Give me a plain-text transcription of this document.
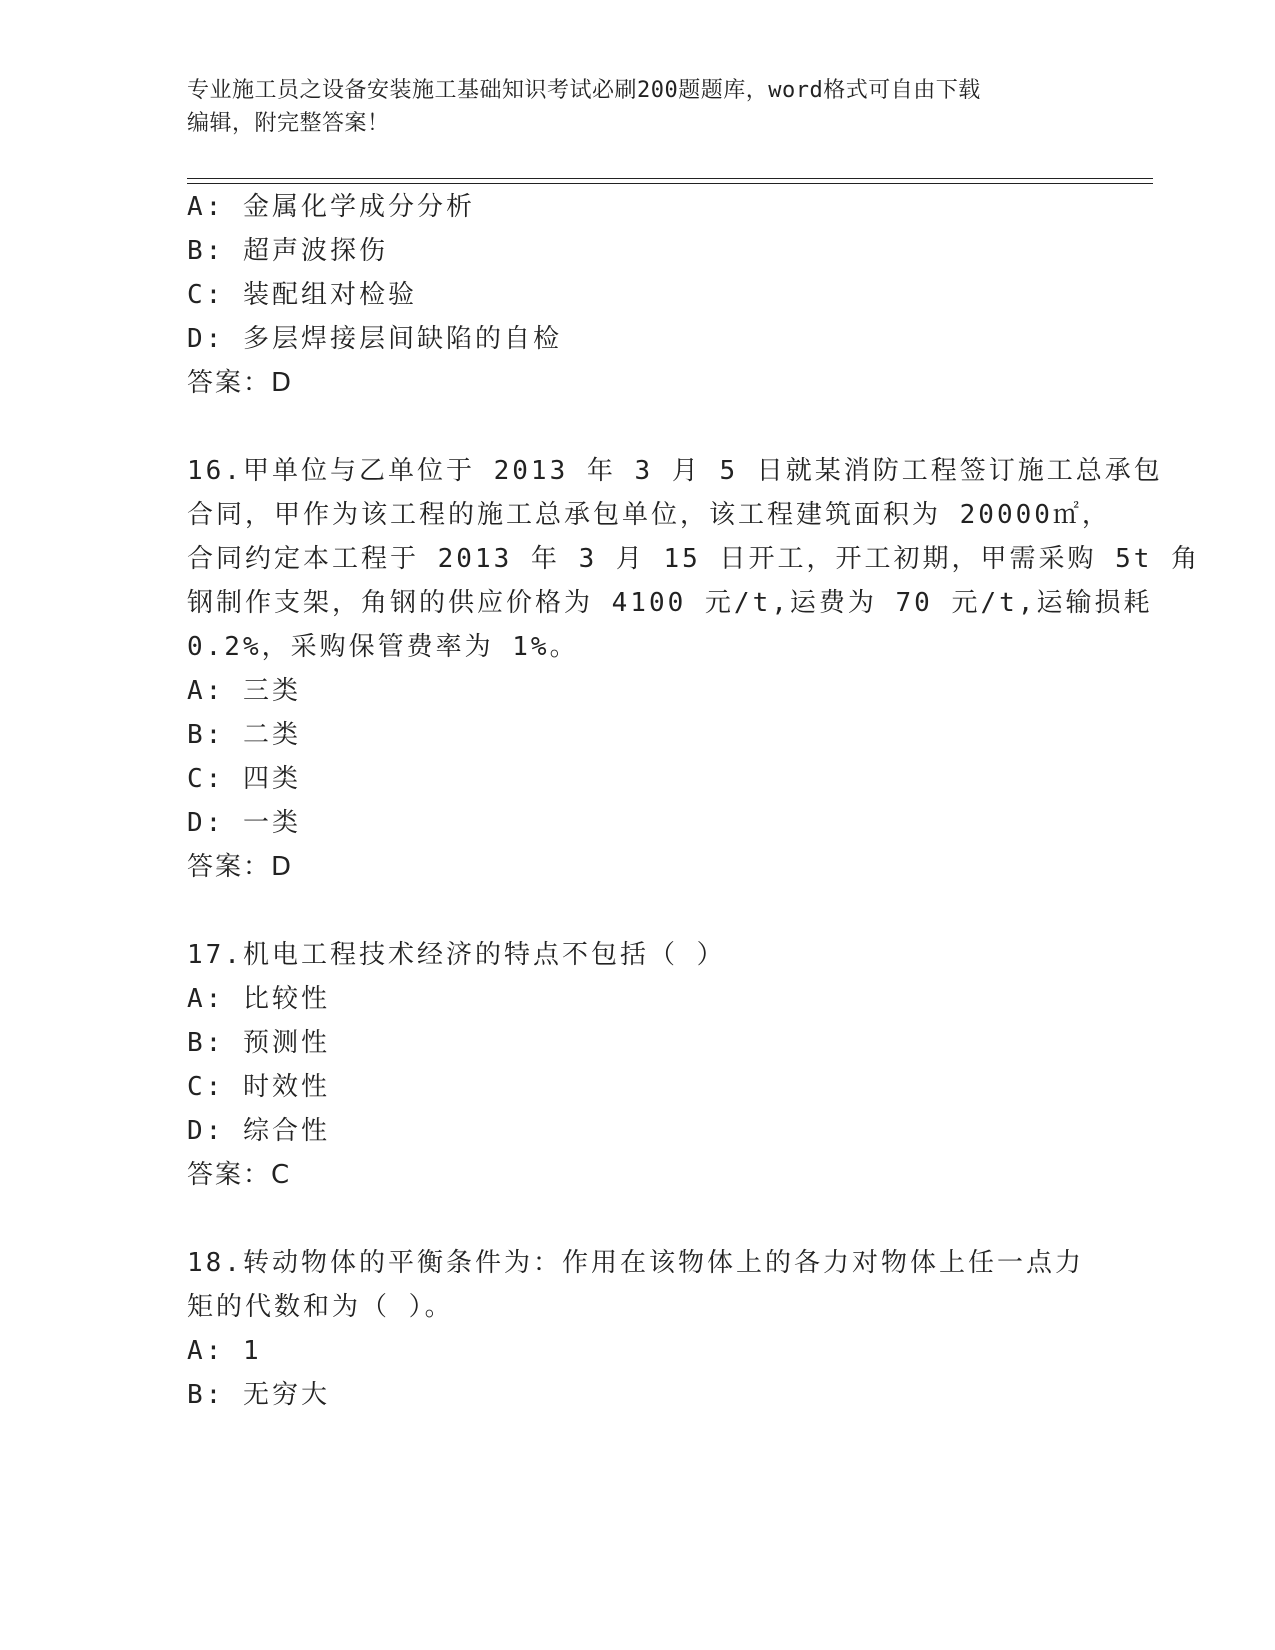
专业施工员之设备安装施工基础知识考试必刷200题题库，word格式可自由下载
编辑，附完整答案！
A: 金属化学成分分析
B: 超声波探伤
C: 装配组对检验
D: 多层焊接层间缺陷的自检
答案：D
16.甲单位与乙单位于 2013 年 3 月 5 日就某消防工程签订施工总承包
合同，甲作为该工程的施工总承包单位，该工程建筑面积为 20000㎡，
合同约定本工程于 2013 年 3 月 15 日开工，开工初期，甲需采购 5t 角
钢制作支架，角钢的供应价格为 4100 元/t,运费为 70 元/t,运输损耗
0.2%，采购保管费率为 1%。
A: 三类
B: 二类
C: 四类
D: 一类
答案：D
17.机电工程技术经济的特点不包括（ ）
A: 比较性
B: 预测性
C: 时效性
D: 综合性
答案：C
18.转动物体的平衡条件为：作用在该物体上的各力对物体上任一点力
矩的代数和为（ ）。
A: 1
B: 无穷大
